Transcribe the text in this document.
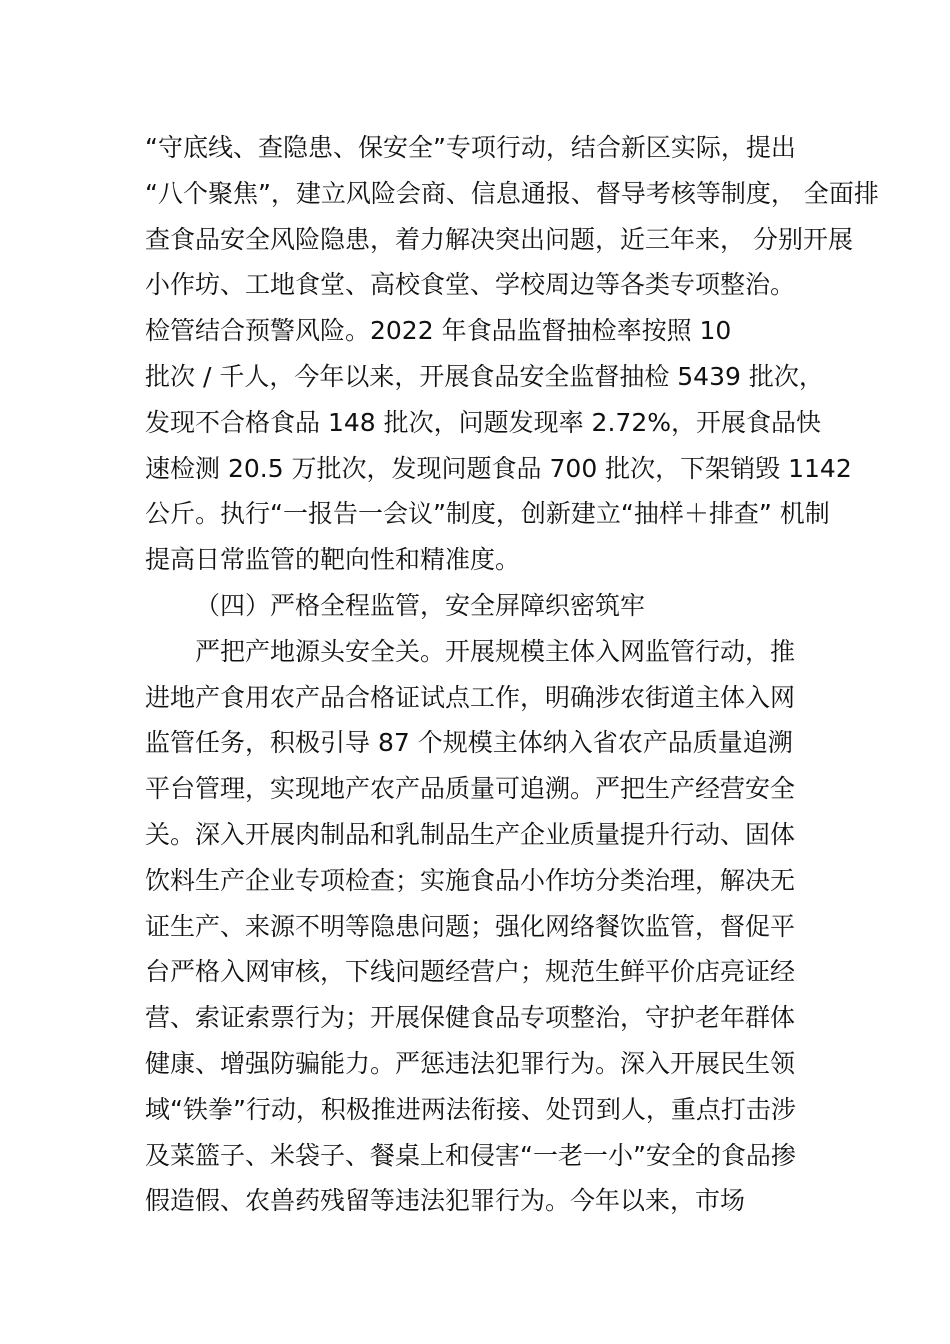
“守底线、查隐患、保安全”专项行动，结合新区实际，提出
“八个聚焦”，建立风险会商、信息通报、督导考核等制度， 全面排
查食品安全风险隐患，着力解决突出问题，近三年来， 分别开展
小作坊、工地食堂、高校食堂、学校周边等各类专项整治。
检管结合预警风险。2022 年食品监督抽检率按照 10
批次 / 千人，今年以来，开展食品安全监督抽检 5439 批次，
发现不合格食品 148 批次，问题发现率 2.72%，开展食品快
速检测 20.5 万批次，发现问题食品 700 批次，下架销毁 1142
公斤。执行“一报告一会议”制度，创新建立“抽样＋排查” 机制
提高日常监管的靶向性和精准度。
（四）严格全程监管，安全屏障织密筑牢
严把产地源头安全关。开展规模主体入网监管行动，推
进地产食用农产品合格证试点工作，明确涉农街道主体入网
监管任务，积极引导 87 个规模主体纳入省农产品质量追溯
平台管理，实现地产农产品质量可追溯。严把生产经营安全
关。深入开展肉制品和乳制品生产企业质量提升行动、固体
饮料生产企业专项检查；实施食品小作坊分类治理，解决无
证生产、来源不明等隐患问题；强化网络餐饮监管，督促平
台严格入网审核，下线问题经营户；规范生鲜平价店亮证经
营、索证索票行为；开展保健食品专项整治，守护老年群体
健康、增强防骗能力。严惩违法犯罪行为。深入开展民生领
域“铁拳”行动，积极推进两法衔接、处罚到人，重点打击涉
及菜篮子、米袋子、餐桌上和侵害“一老一小”安全的食品掺
假造假、农兽药残留等违法犯罪行为。今年以来，市场
